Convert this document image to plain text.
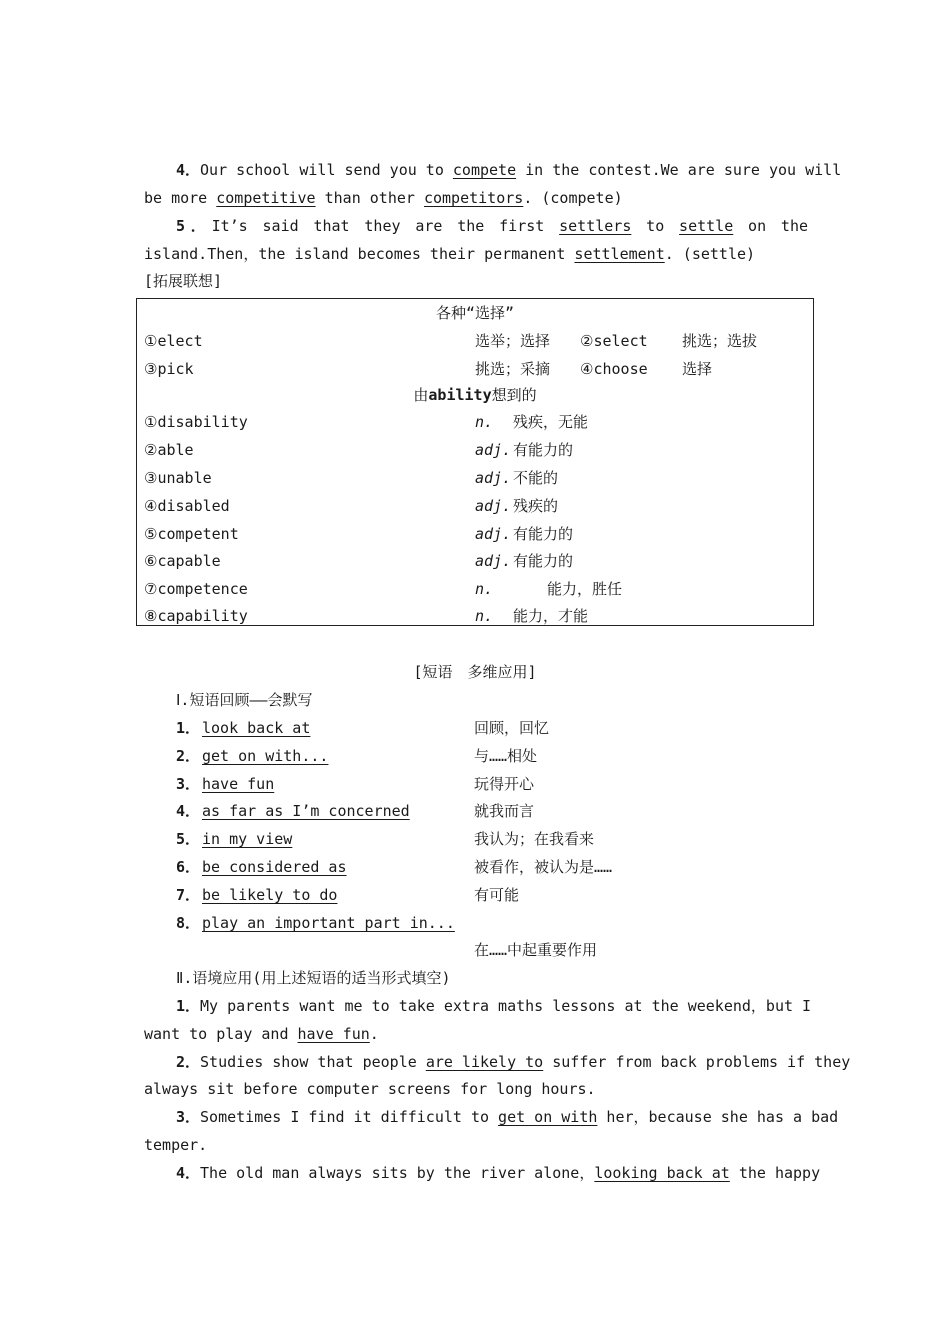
4．Our school will send you to compete in the contest.We are sure you will
be more competitive than other competitors. (compete)
5．It’s said that they are the first settlers to settle on the
island.Then，the island becomes their permanent settlement. (settle)
[拓展联想]
各种“选择”
①elect	选举；选择 ②select 挑选；选拔
③pick	挑选；采摘 ④choose 选择
由ability想到的
①disability	n. 残疾，无能
②able	adj. 有能力的
③unable	adj. 不能的
④disabled	adj. 残疾的
⑤competent	adj. 有能力的
⑥capable	adj. 有能力的
⑦competence	n.	能力，胜任
⑧capability	n. 能力，才能
[短语　多维应用]
Ⅰ.短语回顾——会默写
1． look back at	回顾，回忆
2． get on with...	与……相处
3． have fun	玩得开心
4． as far as I’m concerned	就我而言
5． in my view	我认为；在我看来
6． be considered as	被看作，被认为是……
7． be likely to do	有可能
8． play an important part in...
在……中起重要作用
Ⅱ.语境应用(用上述短语的适当形式填空)
1．My parents want me to take extra maths lessons at the weekend，but I
want to play and have fun.
2．Studies show that people are likely to suffer from back problems if they
always sit before computer screens for long hours.
3．Sometimes I find it difficult to get on with her，because she has a bad
temper.
4．The old man always sits by the river alone，looking back at the happy
